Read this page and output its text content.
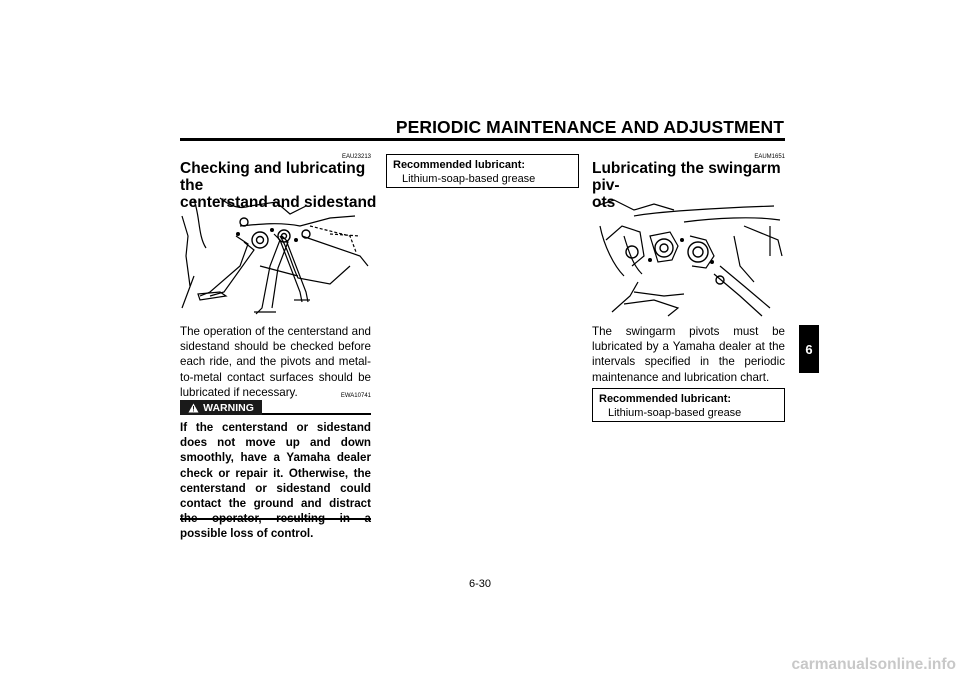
PERIODIC MAINTENANCE AND ADJUSTMENT
EAU23213
Checking and lubricating the
centerstand and sidestand

The operation of the centerstand and sidestand should be checked before each ride, and the pivots and metal-to-metal contact surfaces should be lubricated if necessary.	EWA10741
WARNING

If the centerstand or sidestand does not move up and down smoothly, have a Yamaha dealer check or repair it. Otherwise, the centerstand or sidestand could contact the ground and distract possible loss of control.

Recommended lubricant:
Lithium-soap-based grease
EAUM1651
Lubricating the swingarm piv-
ots

The swingarm pivots must be lubricated by a Yamaha dealer at the intervals specified in the periodic maintenance and lubrication chart.

Recommended lubricant:
Lithium-soap-based grease
6
6-30
carmanualsonline.info
